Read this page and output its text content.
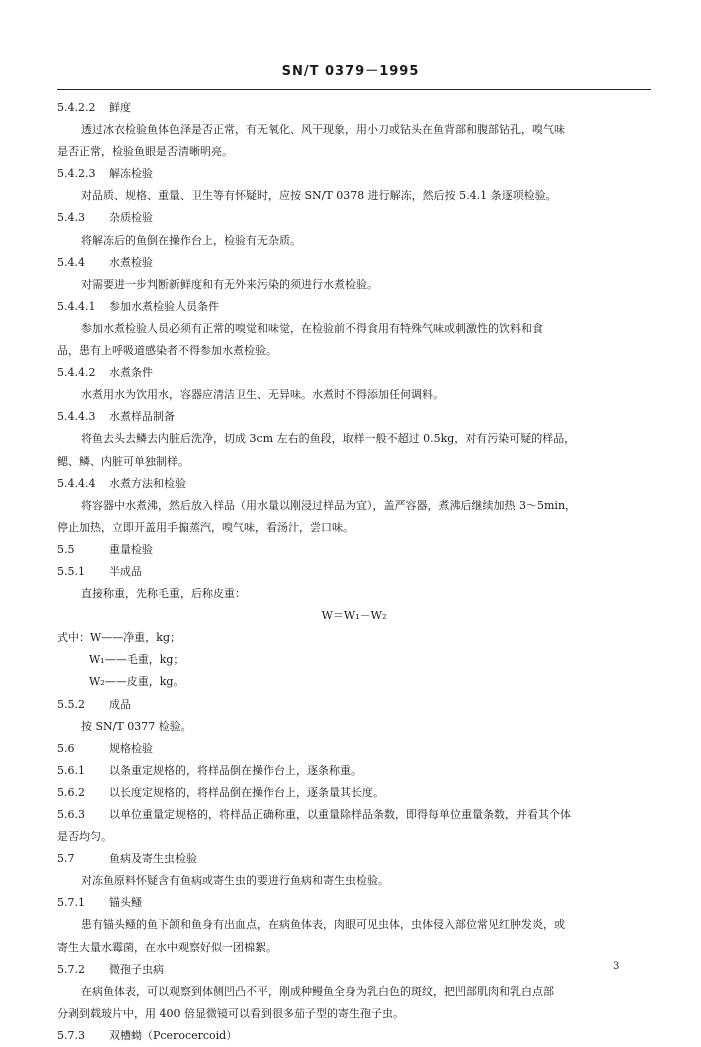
SN/T 0379－1995
5.4.2.2 鲜度
透过冰衣检验鱼体色泽是否正常，有无氧化、风干现象，用小刀或钻头在鱼背部和腹部钻孔，嗅气味
是否正常，检验鱼眼是否清晰明亮。
5.4.2.3 解冻检验
对品质、规格、重量、卫生等有怀疑时，应按 SN/T 0378 进行解冻，然后按 5.4.1 条逐项检验。
5.4.3 杂质检验
将解冻后的鱼倒在操作台上，检验有无杂质。
5.4.4 水煮检验
对需要进一步判断新鲜度和有无外来污染的须进行水煮检验。
5.4.4.1 参加水煮检验人员条件
参加水煮检验人员必须有正常的嗅觉和味觉，在检验前不得食用有特殊气味或刺激性的饮料和食
品，患有上呼吸道感染者不得参加水煮检验。
5.4.4.2 水煮条件
水煮用水为饮用水，容器应清洁卫生、无异味。水煮时不得添加任何调料。
5.4.4.3 水煮样品制备
将鱼去头去鳞去内脏后洗净，切成 3cm 左右的鱼段，取样一般不超过 0.5kg，对有污染可疑的样品，
鳃、鳞、内脏可单独制样。
5.4.4.4 水煮方法和检验
将容器中水煮沸，然后放入样品（用水量以刚浸过样品为宜），盖严容器，煮沸后继续加热 3～5min，
停止加热，立即开盖用手搧蒸汽，嗅气味，看汤汁，尝口味。
5.5	重量检验
5.5.1 半成品
直接称重，先称毛重，后称皮重：
W＝W₁－W₂
式中：W——净重，kg；
W₁——毛重，kg；
W₂——皮重，kg。
5.5.2 成品
按 SN/T 0377 检验。
5.6	规格检验
5.6.1 以条重定规格的，将样品倒在操作台上，逐条称重。
5.6.2 以长度定规格的，将样品倒在操作台上，逐条量其长度。
5.6.3 以单位重量定规格的，将样品正确称重，以重量除样品条数，即得每单位重量条数，并看其个体
是否均匀。
5.7	鱼病及寄生虫检验
对冻鱼原料怀疑含有鱼病或寄生虫的要进行鱼病和寄生虫检验。
5.7.1 锚头鳋
患有锚头鳋的鱼下颌和鱼身有出血点，在病鱼体表，肉眼可见虫体，虫体侵入部位常见红肿发炎，或
寄生大量水霉菌，在水中观察好似一团棉絮。
5.7.2 微孢子虫病
在病鱼体表，可以观察到体侧凹凸不平，刚成种鳗鱼全身为乳白色的斑纹，把凹部肌肉和乳白点部
分剥到载玻片中，用 400 倍显微镜可以看到很多茄子型的寄生孢子虫。
5.7.3 双槽蚴（Pcerocercoid）
3
